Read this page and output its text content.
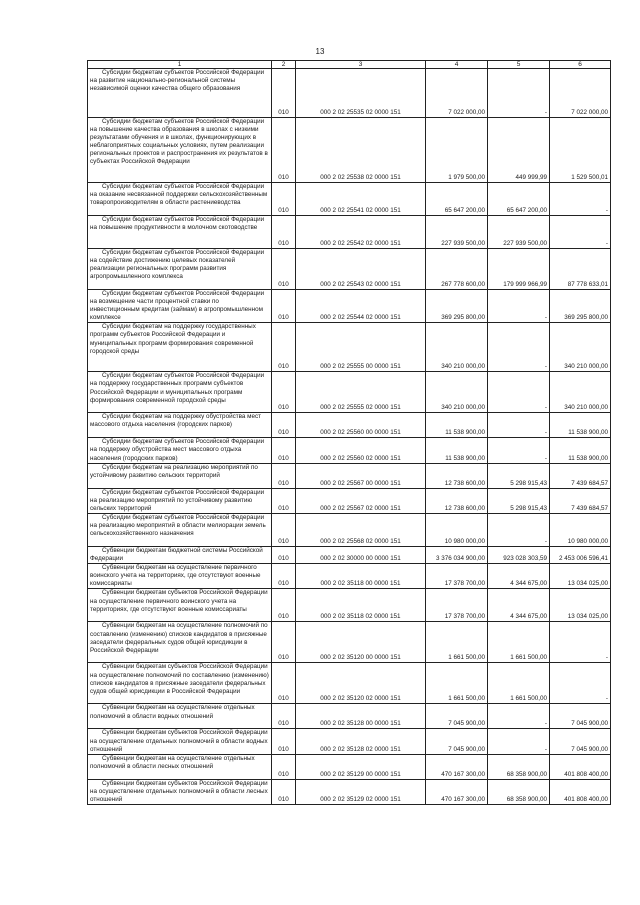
13
1	2	3	4	5	6
Субсидии бюджетам субъектов Российской Федерации на развитие национально-региональной системы независимой оценки качества общего образования	010	000 2 02 25535 02 0000 151	7 022 000,00	-	7 022 000,00
Субсидии бюджетам субъектов Российской Федерации на повышение качества образования в школах с низкими результатами обучения и в школах, функционирующих в неблагоприятных социальных условиях, путем реализации региональных проектов и распространения их результатов в субъектах Российской Федерации	010	000 2 02 25538 02 0000 151	1 979 500,00	449 999,99	1 529 500,01
Субсидии бюджетам субъектов Российской Федерации на оказание несвязанной поддержки сельскохозяйственным товаропроизводителям в области растениеводства	010	000 2 02 25541 02 0000 151	65 647 200,00	65 647 200,00	-
Субсидии бюджетам субъектов Российской Федерации на повышение продуктивности в молочном скотоводстве	010	000 2 02 25542 02 0000 151	227 939 500,00	227 939 500,00	-
Субсидии бюджетам субъектов Российской Федерации на содействие достижению целевых показателей реализации региональных программ развития агропромышленного комплекса	010	000 2 02 25543 02 0000 151	267 778 600,00	179 999 966,99	87 778 633,01
Субсидии бюджетам субъектов Российской Федерации на возмещение части процентной ставки по инвестиционным кредитам (займам) в агропромышленном комплексе	010	000 2 02 25544 02 0000 151	369 295 800,00	-	369 295 800,00
Субсидии бюджетам на поддержку государственных программ субъектов Российской Федерации и муниципальных программ формирования современной городской среды	010	000 2 02 25555 00 0000 151	340 210 000,00	-	340 210 000,00
Субсидии бюджетам субъектов Российской Федерации на поддержку государственных программ субъектов Российской Федерации и муниципальных программ формирования современной городской среды	010	000 2 02 25555 02 0000 151	340 210 000,00	-	340 210 000,00
Субсидии бюджетам на поддержку обустройства мест массового отдыха населения (городских парков)	010	000 2 02 25560 00 0000 151	11 538 900,00	-	11 538 900,00
Субсидии бюджетам субъектов Российской Федерации на поддержку обустройства мест массового отдыха населения (городских парков)	010	000 2 02 25560 02 0000 151	11 538 900,00	-	11 538 900,00
Субсидии бюджетам на реализацию мероприятий по устойчивому развитию сельских территорий	010	000 2 02 25567 00 0000 151	12 738 600,00	5 298 915,43	7 439 684,57
Субсидии бюджетам субъектов Российской Федерации на реализацию мероприятий по устойчивому развитию сельских территорий	010	000 2 02 25567 02 0000 151	12 738 600,00	5 298 915,43	7 439 684,57
Субсидии бюджетам субъектов Российской Федерации на реализацию мероприятий в области мелиорации земель сельскохозяйственного назначения	010	000 2 02 25568 02 0000 151	10 980 000,00	-	10 980 000,00
Субвенции бюджетам бюджетной системы Российской Федерации	010	000 2 02 30000 00 0000 151	3 376 034 900,00	923 028 303,59	2 453 006 596,41
Субвенции бюджетам на осуществление первичного воинского учета на территориях, где отсутствуют военные комиссариаты	010	000 2 02 35118 00 0000 151	17 378 700,00	4 344 675,00	13 034 025,00
Субвенции бюджетам субъектов Российской Федерации на осуществление первичного воинского учета на территориях, где отсутствуют военные комиссариаты	010	000 2 02 35118 02 0000 151	17 378 700,00	4 344 675,00	13 034 025,00
Субвенции бюджетам на осуществление полномочий по составлению (изменению) списков кандидатов в присяжные заседатели федеральных судов общей юрисдикции в Российской Федерации	010	000 2 02 35120 00 0000 151	1 661 500,00	1 661 500,00	-
Субвенции бюджетам субъектов Российской Федерации на осуществление полномочий по составлению (изменению) списков кандидатов в присяжные заседатели федеральных судов общей юрисдикции в Российской Федерации	010	000 2 02 35120 02 0000 151	1 661 500,00	1 661 500,00	-
Субвенции бюджетам на осуществление отдельных полномочий в области водных отношений	010	000 2 02 35128 00 0000 151	7 045 900,00	-	7 045 900,00
Субвенции бюджетам субъектов Российской Федерации на осуществление отдельных полномочий в области водных отношений	010	000 2 02 35128 02 0000 151	7 045 900,00	-	7 045 900,00
Субвенции бюджетам на осуществление отдельных полномочий в области лесных отношений	010	000 2 02 35129 00 0000 151	470 167 300,00	68 358 900,00	401 808 400,00
Субвенции бюджетам субъектов Российской Федерации на осуществление отдельных полномочий в области лесных отношений	010	000 2 02 35129 02 0000 151	470 167 300,00	68 358 900,00	401 808 400,00
